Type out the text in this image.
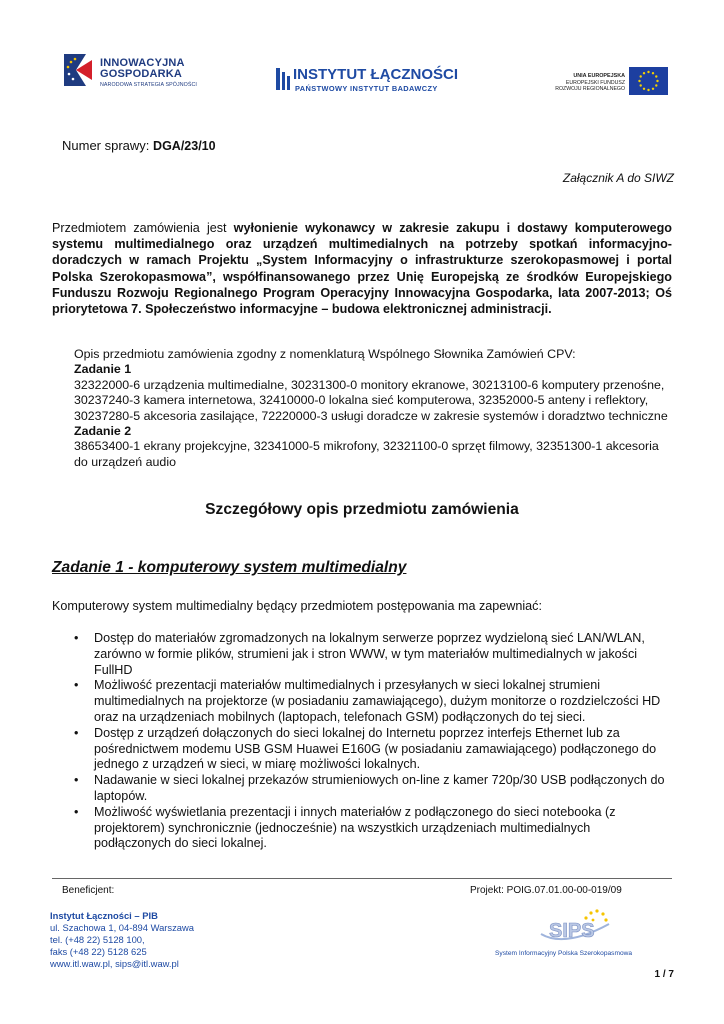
INNOWACYJNA
GOSPODARKA
NARODOWA STRATEGIA SPÓJNOŚCI
INSTYTUT ŁĄCZNOŚCI
PAŃSTWOWY INSTYTUT BADAWCZY
UNIA EUROPEJSKA
EUROPEJSKI FUNDUSZ
ROZWOJU REGIONALNEGO
Numer sprawy: DGA/23/10
Załącznik A do SIWZ
Przedmiotem zamówienia jest wyłonienie wykonawcy w zakresie zakupu i dostawy komputerowego systemu multimedialnego oraz urządzeń multimedialnych na potrzeby spotkań informacyjno-doradczych w ramach Projektu „System Informacyjny o infrastrukturze szerokopasmowej i portal Polska Szerokopasmowa”, współfinansowanego przez Unię Europejską ze środków Europejskiego Funduszu Rozwoju Regionalnego Program Operacyjny Innowacyjna Gospodarka, lata 2007-2013; Oś priorytetowa 7. Społeczeństwo informacyjne – budowa elektronicznej administracji.
Opis przedmiotu zamówienia zgodny z nomenklaturą Wspólnego Słownika Zamówień CPV:
Zadanie 1
32322000-6 urządzenia multimedialne, 30231300-0 monitory ekranowe, 30213100-6 komputery przenośne, 30237240-3 kamera internetowa, 32410000-0 lokalna sieć komputerowa, 32352000-5 anteny i reflektory, 30237280-5 akcesoria zasilające, 72220000-3 usługi doradcze w zakresie systemów i doradztwo techniczne
Zadanie 2
38653400-1 ekrany projekcyjne, 32341000-5 mikrofony, 32321100-0 sprzęt filmowy, 32351300-1 akcesoria do urządzeń audio
Szczegółowy opis przedmiotu zamówienia
Zadanie 1 - komputerowy system multimedialny
Komputerowy system multimedialny będący przedmiotem postępowania ma zapewniać:
• Dostęp do materiałów zgromadzonych na lokalnym serwerze poprzez wydzieloną sieć LAN/WLAN, zarówno w formie plików, strumieni jak i stron WWW, w tym materiałów multimedialnych w jakości FullHD
• Możliwość prezentacji materiałów multimedialnych i przesyłanych w sieci lokalnej strumieni multimedialnych na projektorze (w posiadaniu zamawiającego), dużym monitorze o rozdzielczości HD oraz na urządzeniach mobilnych (laptopach, telefonach GSM) podłączonych do tej sieci.
• Dostęp z urządzeń dołączonych do sieci lokalnej do Internetu poprzez interfejs Ethernet lub za pośrednictwem modemu USB GSM Huawei E160G (w posiadaniu zamawiającego) podłączonego do jednego z urządzeń w sieci, w miarę możliwości lokalnych.
• Nadawanie w sieci lokalnej przekazów strumieniowych on-line z kamer 720p/30 USB podłączonych do laptopów.
• Możliwość wyświetlania prezentacji i innych materiałów z podłączonego do sieci notebooka (z projektorem) synchronicznie (jednocześnie) na wszystkich urządzeniach multimedialnych podłączonych do sieci lokalnej.
Beneficjent:	Projekt: POIG.07.01.00-00-019/09
Instytut Łączności – PIB
ul. Szachowa 1, 04-894 Warszawa
tel. (+48 22) 5128 100,
faks (+48 22) 5128 625
www.itl.waw.pl, sips@itl.waw.pl
SIPS
System Informacyjny Polska Szerokopasmowa
1 / 7
